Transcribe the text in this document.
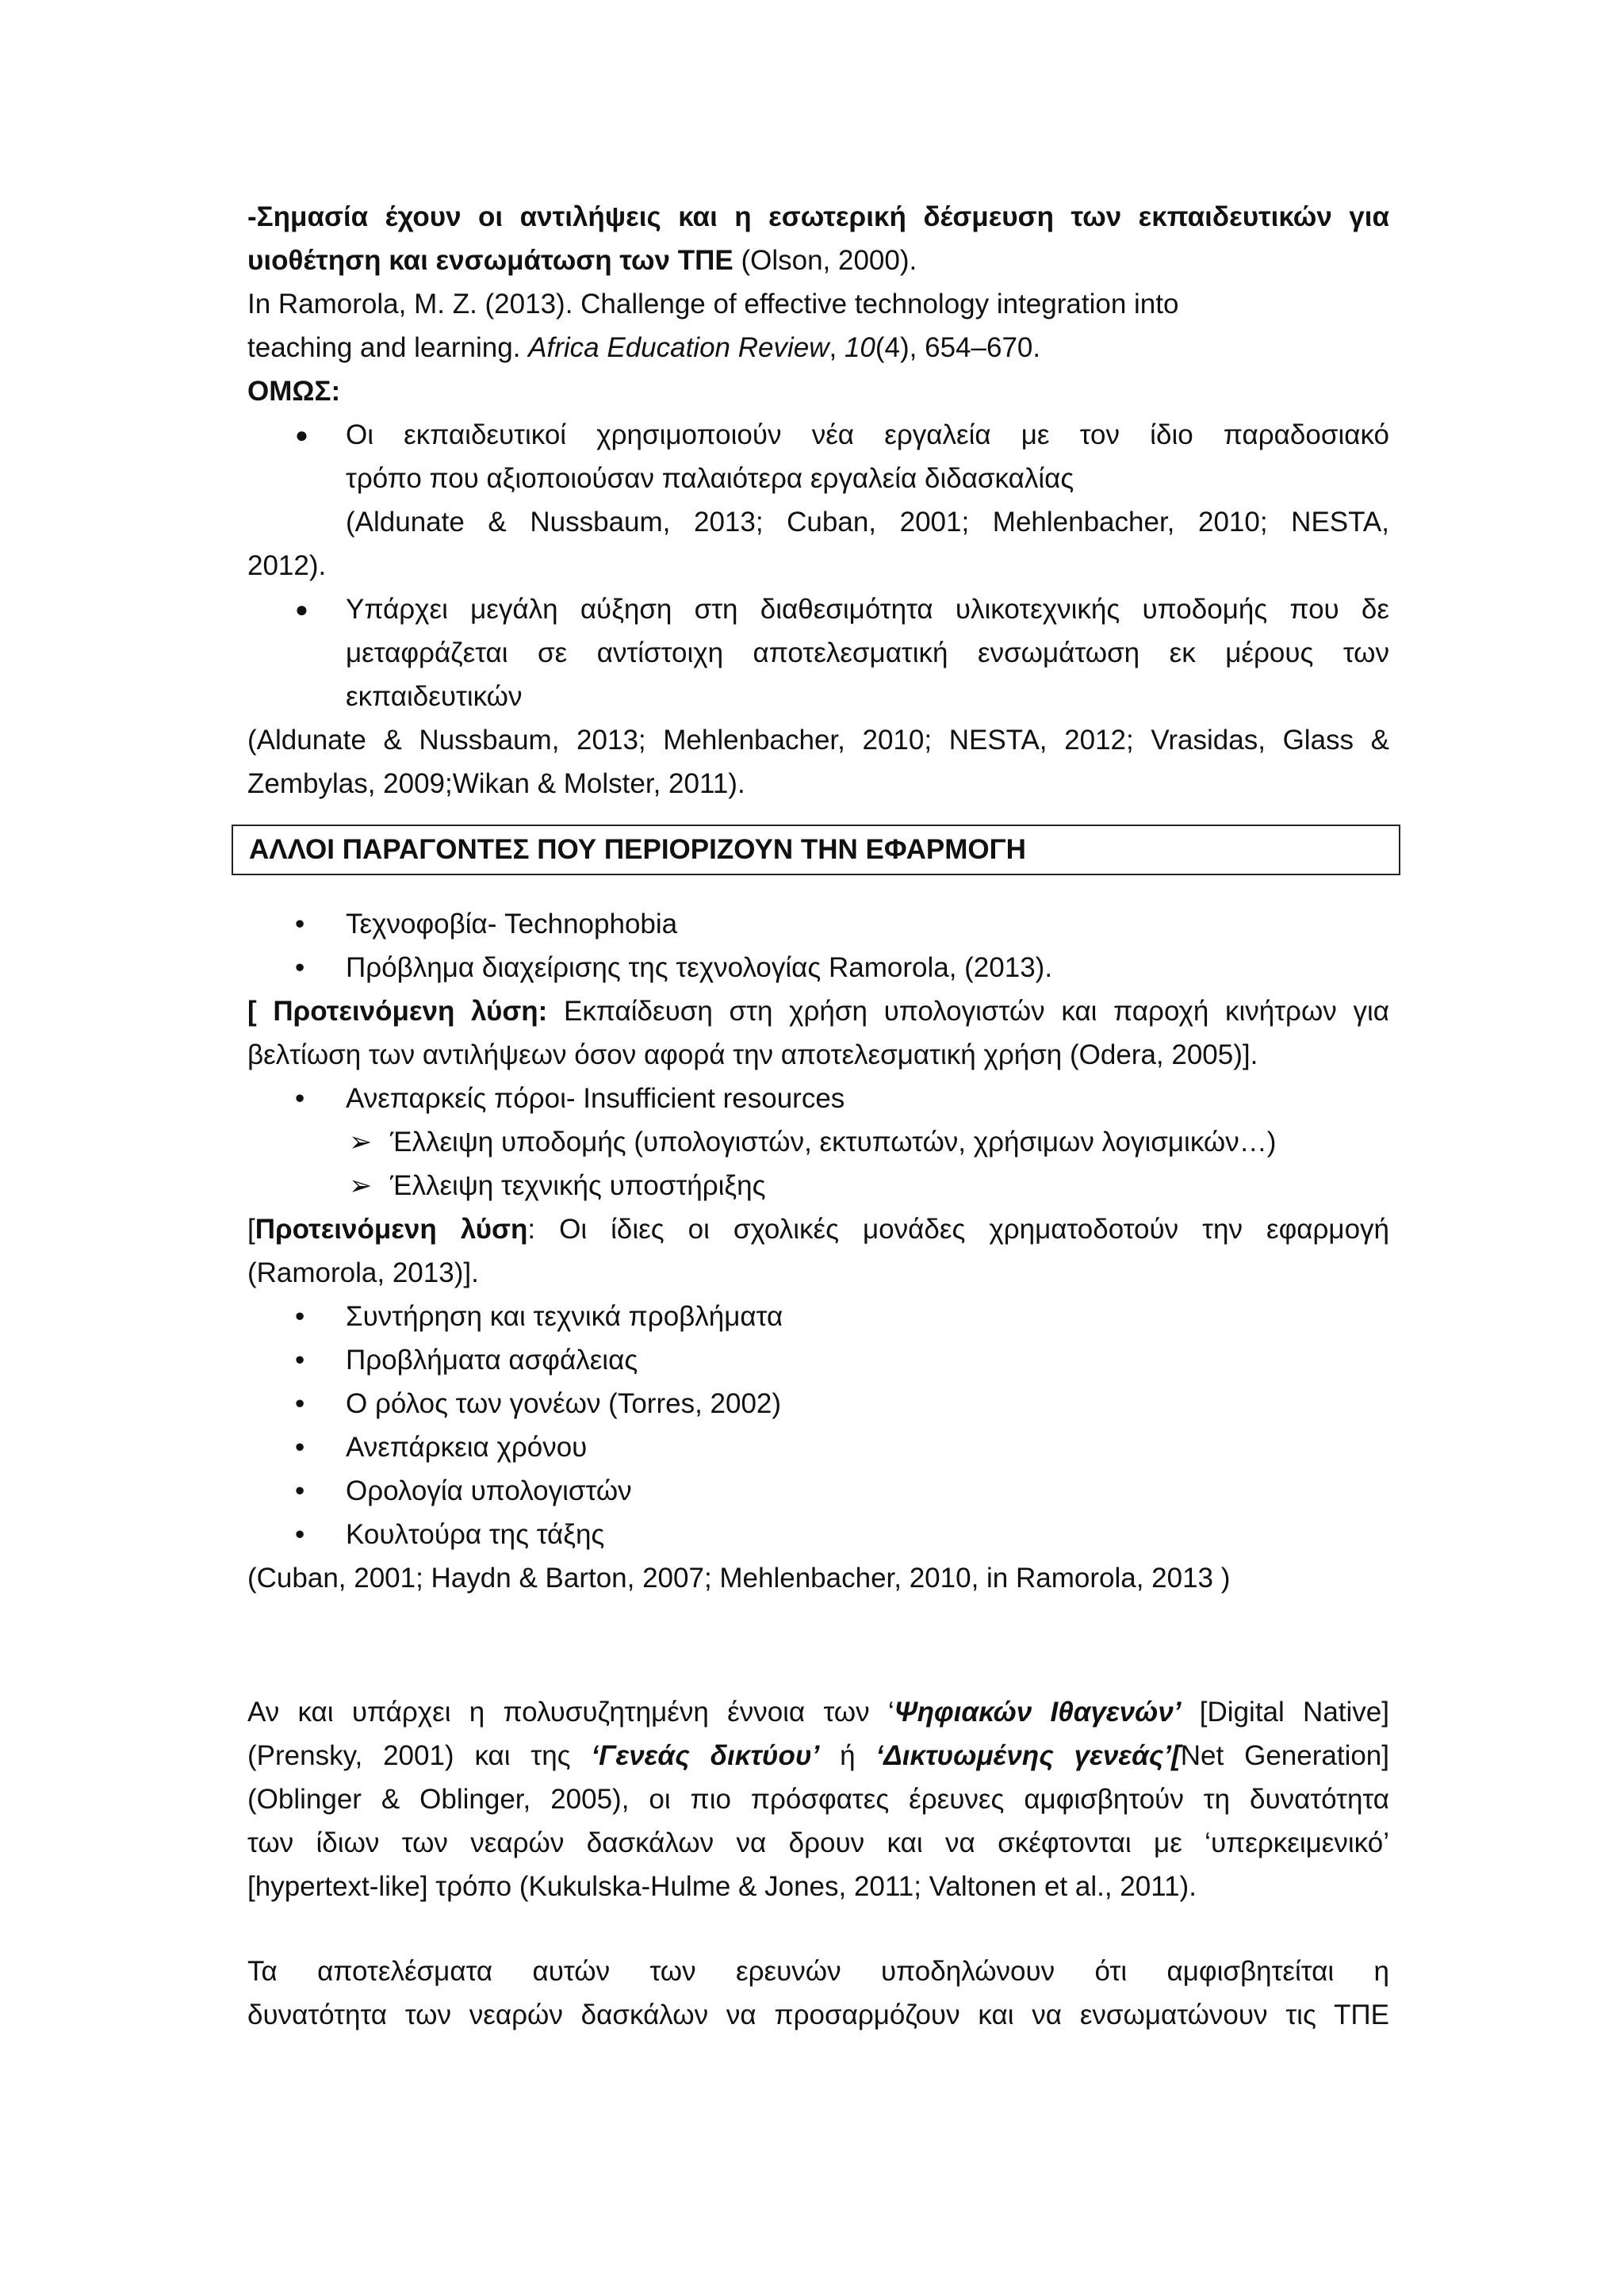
-Σημασία έχουν οι αντιλήψεις και η εσωτερική δέσμευση των εκπαιδευτικών για
υιοθέτηση και ενσωμάτωση των ΤΠΕ (Olson, 2000).
In Ramorola, M. Z. (2013). Challenge of effective technology integration into
teaching and learning. Africa Education Review, 10(4), 654–670.
ΟΜΩΣ:
● Οι εκπαιδευτικοί χρησιμοποιούν νέα εργαλεία με τον ίδιο παραδοσιακό
τρόπο που αξιοποιούσαν παλαιότερα εργαλεία διδασκαλίας
(Aldunate & Nussbaum, 2013; Cuban, 2001; Mehlenbacher, 2010; NESTA,
2012).
● Υπάρχει μεγάλη αύξηση στη διαθεσιμότητα υλικοτεχνικής υποδομής που δε
μεταφράζεται σε αντίστοιχη αποτελεσματική ενσωμάτωση εκ μέρους των
εκπαιδευτικών
(Aldunate & Nussbaum, 2013; Mehlenbacher, 2010; NESTA, 2012; Vrasidas, Glass &
Zembylas, 2009;Wikan & Molster, 2011).
ΑΛΛΟΙ ΠΑΡΑΓΟΝΤΕΣ ΠΟΥ ΠΕΡΙΟΡΙΖΟΥΝ ΤΗΝ ΕΦΑΡΜΟΓΗ
• Τεχνοφοβία- Technophobia
• Πρόβλημα διαχείρισης της τεχνολογίας Ramorola, (2013).
[ Προτεινόμενη λύση: Εκπαίδευση στη χρήση υπολογιστών και παροχή κινήτρων για
βελτίωση των αντιλήψεων όσον αφορά την αποτελεσματική χρήση (Odera, 2005)].
• Ανεπαρκείς πόροι- Insufficient resources
➢ Έλλειψη υποδομής (υπολογιστών, εκτυπωτών, χρήσιμων λογισμικών…)
➢ Έλλειψη τεχνικής υποστήριξης
[Προτεινόμενη λύση: Οι ίδιες οι σχολικές μονάδες χρηματοδοτούν την εφαρμογή
(Ramorola, 2013)].
• Συντήρηση και τεχνικά προβλήματα
• Προβλήματα ασφάλειας
• Ο ρόλος των γονέων (Torres, 2002)
• Ανεπάρκεια χρόνου
• Ορολογία υπολογιστών
• Κουλτούρα της τάξης
(Cuban, 2001; Haydn & Barton, 2007; Mehlenbacher, 2010, in Ramorola, 2013 )
Αν και υπάρχει η πολυσυζητημένη έννοια των ‘Ψηφιακών Ιθαγενών’ [Digital Native]
(Prensky, 2001) και της ‘Γενεάς δικτύου’ ή ‘Δικτυωμένης γενεάς’[Net Generation]
(Oblinger & Oblinger, 2005), οι πιο πρόσφατες έρευνες αμφισβητούν τη δυνατότητα
των ίδιων των νεαρών δασκάλων να δρουν και να σκέφτονται με ‘υπερκειμενικό’
[hypertext-like] τρόπο (Kukulska-Hulme & Jones, 2011; Valtonen et al., 2011).
Τα αποτελέσματα αυτών των ερευνών υποδηλώνουν ότι αμφισβητείται η
δυνατότητα των νεαρών δασκάλων να προσαρμόζουν και να ενσωματώνουν τις ΤΠΕ
